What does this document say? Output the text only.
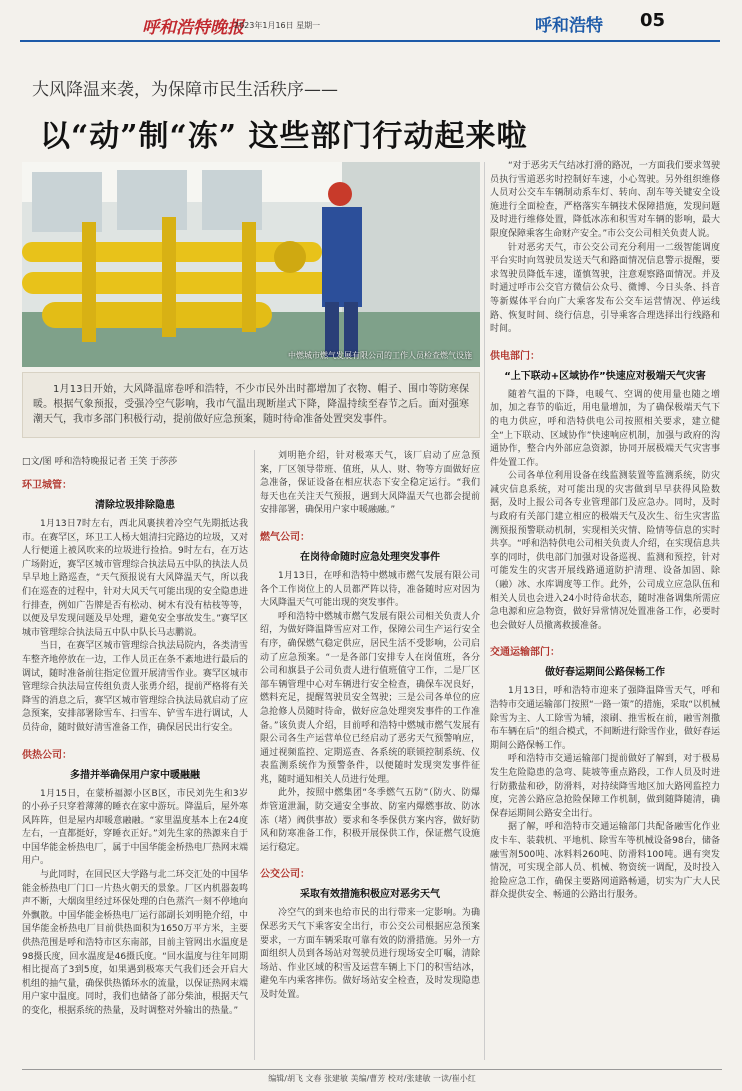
呼和浩特晚报
2023年1月16日 星期一	呼和浩特 05
大风降温来袭，为保障市民生活秩序——
以“动”制“冻” 这些部门行动起来啦
中燃城市燃气发展有限公司的工作人员检查燃气设施

1月13日开始，大风降温席卷呼和浩特，不少市民外出时都增加了衣物、帽子、围巾等防寒保暖。根据气象预报，受强冷空气影响，我市气温出现断崖式下降，降温持续至春节之后。面对强寒潮天气，我市多部门积极行动，提前做好应急预案，随时待命准备处置突发事件。

□文/图 呼和浩特晚报记者 王笑 于莎莎
环卫城管：
清除垃圾排除隐患

1月13日7时左右，西北风裹挟着冷空气先期抵达我市。在赛罕区，环卫工人杨大姐清扫完路边的垃圾，又对人行便道上被风吹来的垃圾进行捡拾。9时左右，在万达广场附近，赛罕区城市管理综合执法局五中队的执法人员早早地上路巡查，“天气预报说有大风降温天气，所以我们在巡查的过程中，针对大风天气可能出现的安全隐患进行排查，例如广告牌是否有松动、树木有没有枯枝等等，以便及早发现问题及早处理，避免安全事故发生。”赛罕区城市管理综合执法局五中队中队长马志鹏说。

当日，在赛罕区城市管理综合执法局院内，各类清雪车整齐地停放在一边，工作人员正在条不紊地进行最后的调试，随时准备前往指定位置开展清雪作业。赛罕区城市管理综合执法局宣传组负责人张勇介绍，提前严格将有关降雪的消息之后，赛罕区城市管理综合执法局就启动了应急预案，安排部署除雪车、扫雪车、铲雪车进行调试，人员待命，随时做好清雪准备工作，确保居民出行安全。

供热公司：
多措并举确保用户家中暖融融

1月15日，在蒙桥福源小区B区，市民刘先生和3岁的小孙子只穿着薄薄的睡衣在家中游玩。降温后，屋外寒风阵阵，但是屋内却暖意融融。“家里温度基本上在24度左右，一直都挺好，穿睡衣正好。”刘先生家的热源来自于中国华能金桥热电厂，属于中国华能金桥热电厂热网末端用户。

与此同时，在回民区大学路与北二环交汇处的中国华能金桥热电厂门口一片热火朝天的景象。厂区内机器轰鸣声不断，大烟囱里经过环保处理的白色蒸汽一刻不停地向外飘散。中国华能金桥热电厂运行部副长刘明艳介绍，中国华能金桥热电厂目前供热面积为1650万平方米，主要供热范围是呼和浩特市区东南部，目前主管网出水温度是98摄氏度，回水温度是46摄氏度。“回水温度与往年同期相比提高了3到5度，如果遇到极寒天气我们还会开启大机组的抽气量，确保供热循环水的流量，以保证热网末端用户家中温度。同时，我们也储备了部分柴油，根据天气的变化，根据系统的热量，及时调整对外输出的热量。”

刘明艳介绍，针对极寒天气，该厂启动了应急预案，厂区领导带班、值班，从人、财、物等方面做好应急准备，保证设备在相应状态下安全稳定运行。“我们每天也在关注天气预报，遇到大风降温天气也都会提前安排部署，确保用户家中暖融融。”

燃气公司：
在岗待命随时应急处理突发事件

1月13日，在呼和浩特中燃城市燃气发展有限公司各个工作岗位上的人员都严阵以待，准备随时应对因为大风降温天气可能出现的突发事件。

呼和浩特中燃城市燃气发展有限公司相关负责人介绍，为做好降温降雪应对工作，保障公司生产运行安全有序，确保燃气稳定供应，居民生活不受影响，公司启动了应急预案。“一是各部门安排专人在岗值班，各分公司和旗县子公司负责人进行值班值守工作，二是厂区部车辆管理中心对车辆进行安全检查，确保车况良好，燃料充足，提醒驾驶员安全驾驶；三是公司各单位的应急抢修人员随时待命，做好应急处理突发事件的工作准备。”该负责人介绍，目前呼和浩特中燃城市燃气发展有限公司各生产运营单位已经启动了恶劣天气预警响应，通过视频监控、定期巡查、各系统的联锁控制系统、仪表监测系统作为预警条件，以便随时发现突发事件征兆，随时通知相关人员进行处理。

此外，按照中燃集团“冬季燃气五防”（防火、防爆炸管道泄漏，防交通安全事故、防室内爆燃事故、防冰冻（堵）阀供事故）要求和冬季保供方案内容，做好防风和防寒准备工作，积极开展保供工作，保证燃气设施运行稳定。

公交公司：
采取有效措施积极应对恶劣天气

冷空气的到来也给市民的出行带来一定影响。为确保恶劣天气下乘客安全出行，市公交公司根据应急预案要求，一方面车辆采取可靠有效的防滑措施。另外一方面组织人员到各场站对驾驶员进行现场安全叮嘱，清除场站、作业区域的积雪及运营车辆上下门的积雪结冰，避免车内乘客摔伤。做好场站安全检查，及时发现隐患及时处置。

“对于恶劣天气结冰打滑的路况，一方面我们要求驾驶员执行雪道恶劣时控制好车速，小心驾驶。另外组织维修人员对公交车车辆制动系车灯、转向、刮车等关键安全设施进行全面检查，严格落实车辆技术保障措施，发现问题及时进行维修处置，降低冰冻和积雪对车辆的影响，最大限度保障乘客生命财产安全。”市公交公司相关负责人说。

针对恶劣天气，市公交公司充分利用一二级智能调度平台实时向驾驶员发送天气和路面情况信息警示提醒，要求驾驶员降低车速，谨慎驾驶，注意观察路面情况。并及时通过呼市公交官方微信公众号、微博、今日头条、抖音等新媒体平台向广大乘客发布公交车运营情况、停运线路、恢复时间、绕行信息，引导乘客合理选择出行线路和时间。

供电部门：
“上下联动+区域协作”快速应对极端天气灾害

随着气温的下降，电暖气、空调的使用量也随之增加，加之春节的临近，用电量增加，为了确保极端天气下的电力供应，呼和浩特供电公司按照相关要求，建立健全“上下联动、区域协作”快速响应机制，加强与政府的沟通协作，整合内外部应急资源，协同开展极端天气灾害事件处置工作。

公司各单位利用设备在线监测装置等监测系统，防灾减灾信息系统，对可能出现的灾害做到早早获得风险数据，及时上报公司各专业管理部门及应急办。同时，及时与政府有关部门建立相应的极端天气及次生、衍生灾害监测预报预警联动机制，实现相关灾情、险情等信息的实时共享。“呼和浩特供电公司相关负责人介绍，在实现信息共享的同时，供电部门加强对设备巡视、监测和预控，针对可能发生的灾害开展线路通道防护清理、设备加固、除（融）冰、水库调度等工作。此外，公司成立应急队伍和相关人员也会进入24小时待命状态，随时准备调集所需应急电源和应急物资，做好异常情况处置准备工作，必要时也会做好人员撤离救援准备。

交通运输部门：
做好春运期间公路保畅工作

1月13日，呼和浩特市迎来了强降温降雪天气，呼和浩特市交通运输部门按照“一路一策”的措施，采取“以机械除雪为主、人工除雪为辅，滚刷、推雪板在前，融雪剂撒布车辆在后”的组合模式，不间断进行除雪作业，做好春运期间公路保畅工作。

呼和浩特市交通运输部门提前做好了解到，对于极易发生危险隐患的急弯、陡坡等重点路段，工作人员及时进行防撒盐和砂，防滑料，对持续降雪地区加大路网监控力度，完善公路应急抢险保障工作机制，做到随降随清，确保春运期间公路安全出行。

据了解，呼和浩特市交通运输部门共配备融雪化作业皮卡车、装载机、平地机、除雪车等机械设备98台，储备融雪剂500吨、冰料料260吨、防滑料100吨。遇有突发情况，可实现全部人员、机械、物资统一调配，及时投入抢险应急工作，确保主要路网道路畅通，切实为广大人民群众提供安全、畅通的公路出行服务。

编辑/胡飞 文春 张建敏 美编/曹芳 校对/张建敏 一读/崔小红
